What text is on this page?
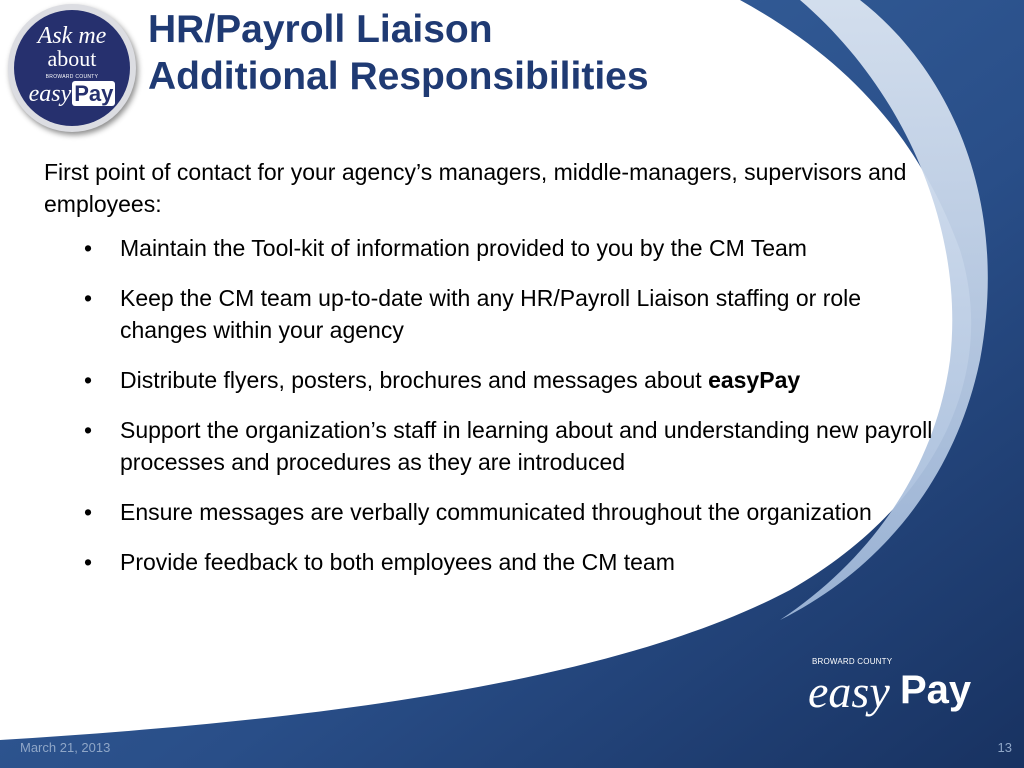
Ask me
about
BROWARD COUNTY
easy Pay
HR/Payroll Liaison
Additional Responsibilities

First point of contact for your agency’s managers, middle-managers, supervisors and employees:

• Maintain the Tool-kit of information provided to you by the CM Team
• Keep the CM team up-to-date with any HR/Payroll Liaison staffing or role changes within your agency
• Distribute flyers, posters, brochures and messages about easyPay
• Support the organization’s staff in learning about and understanding new payroll processes and procedures as they are introduced
• Ensure messages are verbally communicated throughout the organization
• Provide feedback to both employees and the CM team
BROWARD COUNTY
easy Pay
March 21, 2013	13
